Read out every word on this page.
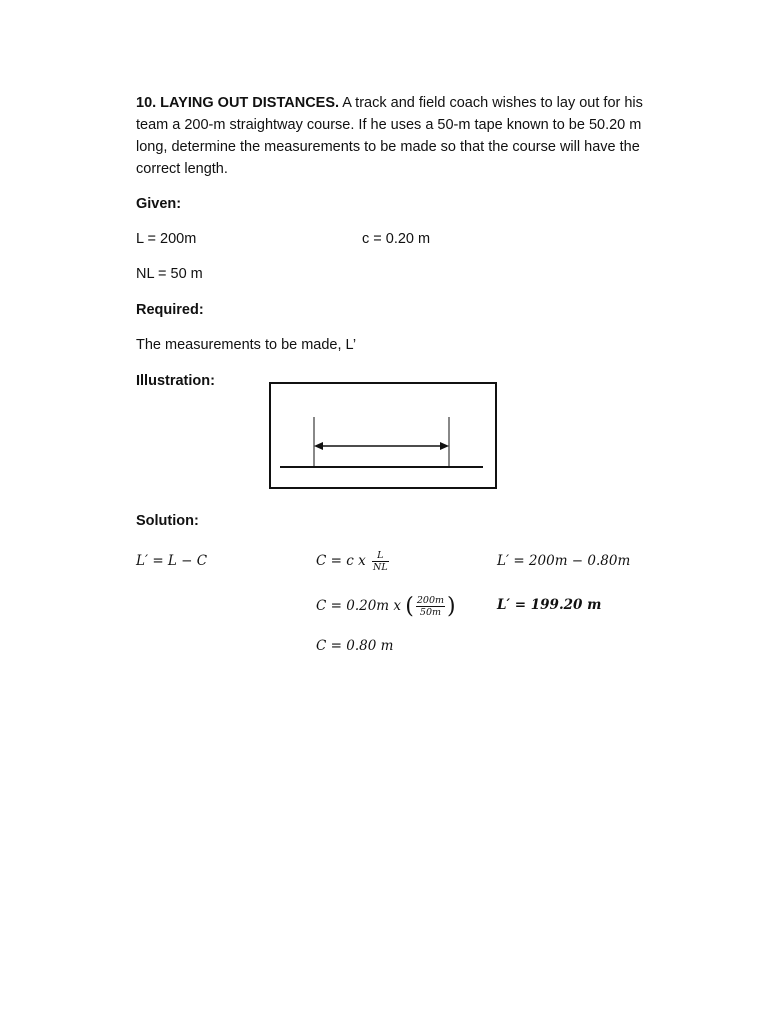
10. LAYING OUT DISTANCES. A track and field coach wishes to lay out for his team a 200-m straightway course. If he uses a 50-m tape known to be 50.20 m long, determine the measurements to be made so that the course will have the correct length.
Given:
L = 200m	c = 0.20 m
NL = 50 m
Required:
The measurements to be made, L’
Illustration:
Solution:
L′ = L − C	C = c x $\frac{L}{NL}$
C = 0.20m x ( $\frac{200m}{50m}$ )
C = 0.80 m
L′ = 200m − 0.80m
L′ = 199.20 m
